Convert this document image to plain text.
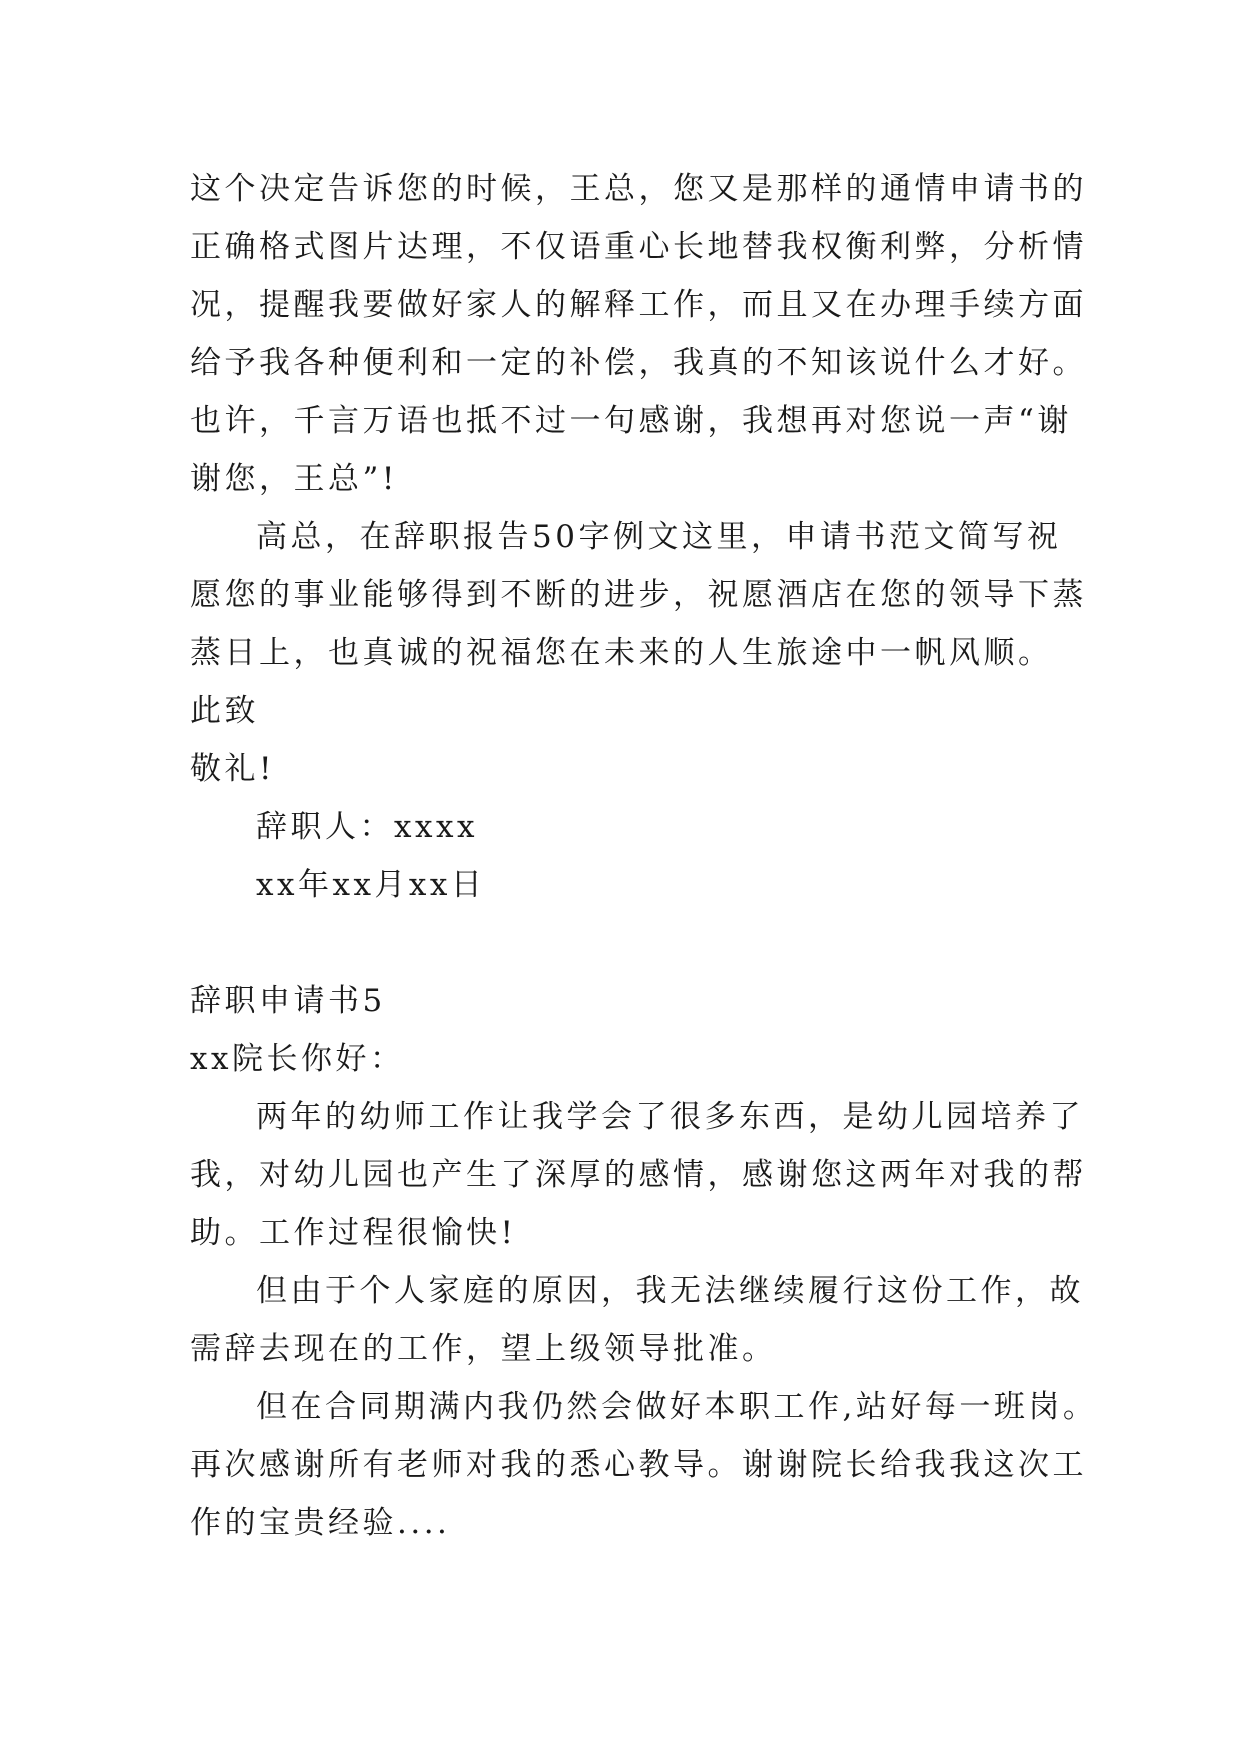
这个决定告诉您的时候，王总，您又是那样的通情申请书的
正确格式图片达理，不仅语重心长地替我权衡利弊，分析情
况，提醒我要做好家人的解释工作，而且又在办理手续方面
给予我各种便利和一定的补偿，我真的不知该说什么才好。
也许，千言万语也抵不过一句感谢，我想再对您说一声“谢
谢您，王总”!
高总，在辞职报告50字例文这里，申请书范文简写祝
愿您的事业能够得到不断的进步，祝愿酒店在您的领导下蒸
蒸日上，也真诚的祝福您在未来的人生旅途中一帆风顺。
此致
敬礼!
辞职人：xxxx
xx年xx月xx日
辞职申请书5
xx院长你好：
两年的幼师工作让我学会了很多东西，是幼儿园培养了
我，对幼儿园也产生了深厚的感情，感谢您这两年对我的帮
助。工作过程很愉快!
但由于个人家庭的原因，我无法继续履行这份工作，故
需辞去现在的工作，望上级领导批准。
但在合同期满内我仍然会做好本职工作,站好每一班岗。
再次感谢所有老师对我的悉心教导。谢谢院长给我我这次工
作的宝贵经验....
